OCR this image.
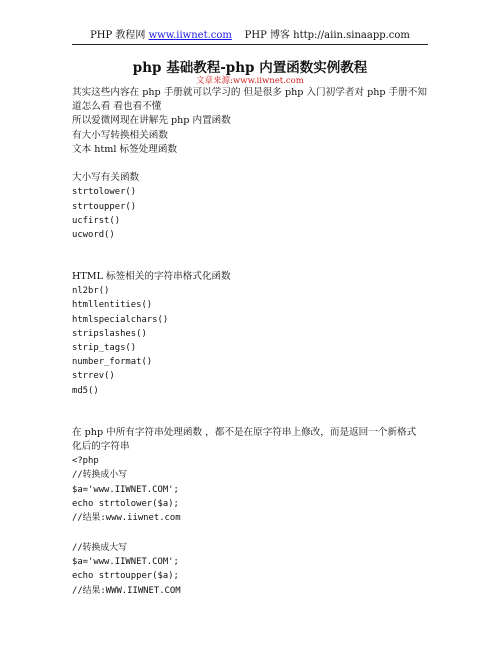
PHP 教程网 www.iiwnet.com PHP 博客 http://aiin.sinaapp.com
php 基础教程-php 内置函数实例教程
文章来源:www.iiwnet.com
其实这些内容在 php 手册就可以学习的 但是很多 php 入门初学者对 php 手册不知
道怎么看 看也看不懂
所以爱微网现在讲解先 php 内置函数
有大小写转换相关函数
文本 html 标签处理函数
大小写有关函数
strtolower()
strtoupper()
ucfirst()
ucword()
HTML 标签相关的字符串格式化函数
nl2br()
htmllentities()
htmlspecialchars()
stripslashes()
strip_tags()
number_format()
strrev()
md5()
在 php 中所有字符串处理函数 ，都不是在原字符串上修改，而是返回一个新格式
化后的字符串
<?php
//转换成小写
$a='www.IIWNET.COM';
echo strtolower($a);
//结果:www.iiwnet.com
//转换成大写
$a='www.IIWNET.COM';
echo strtoupper($a);
//结果:WWW.IIWNET.COM
